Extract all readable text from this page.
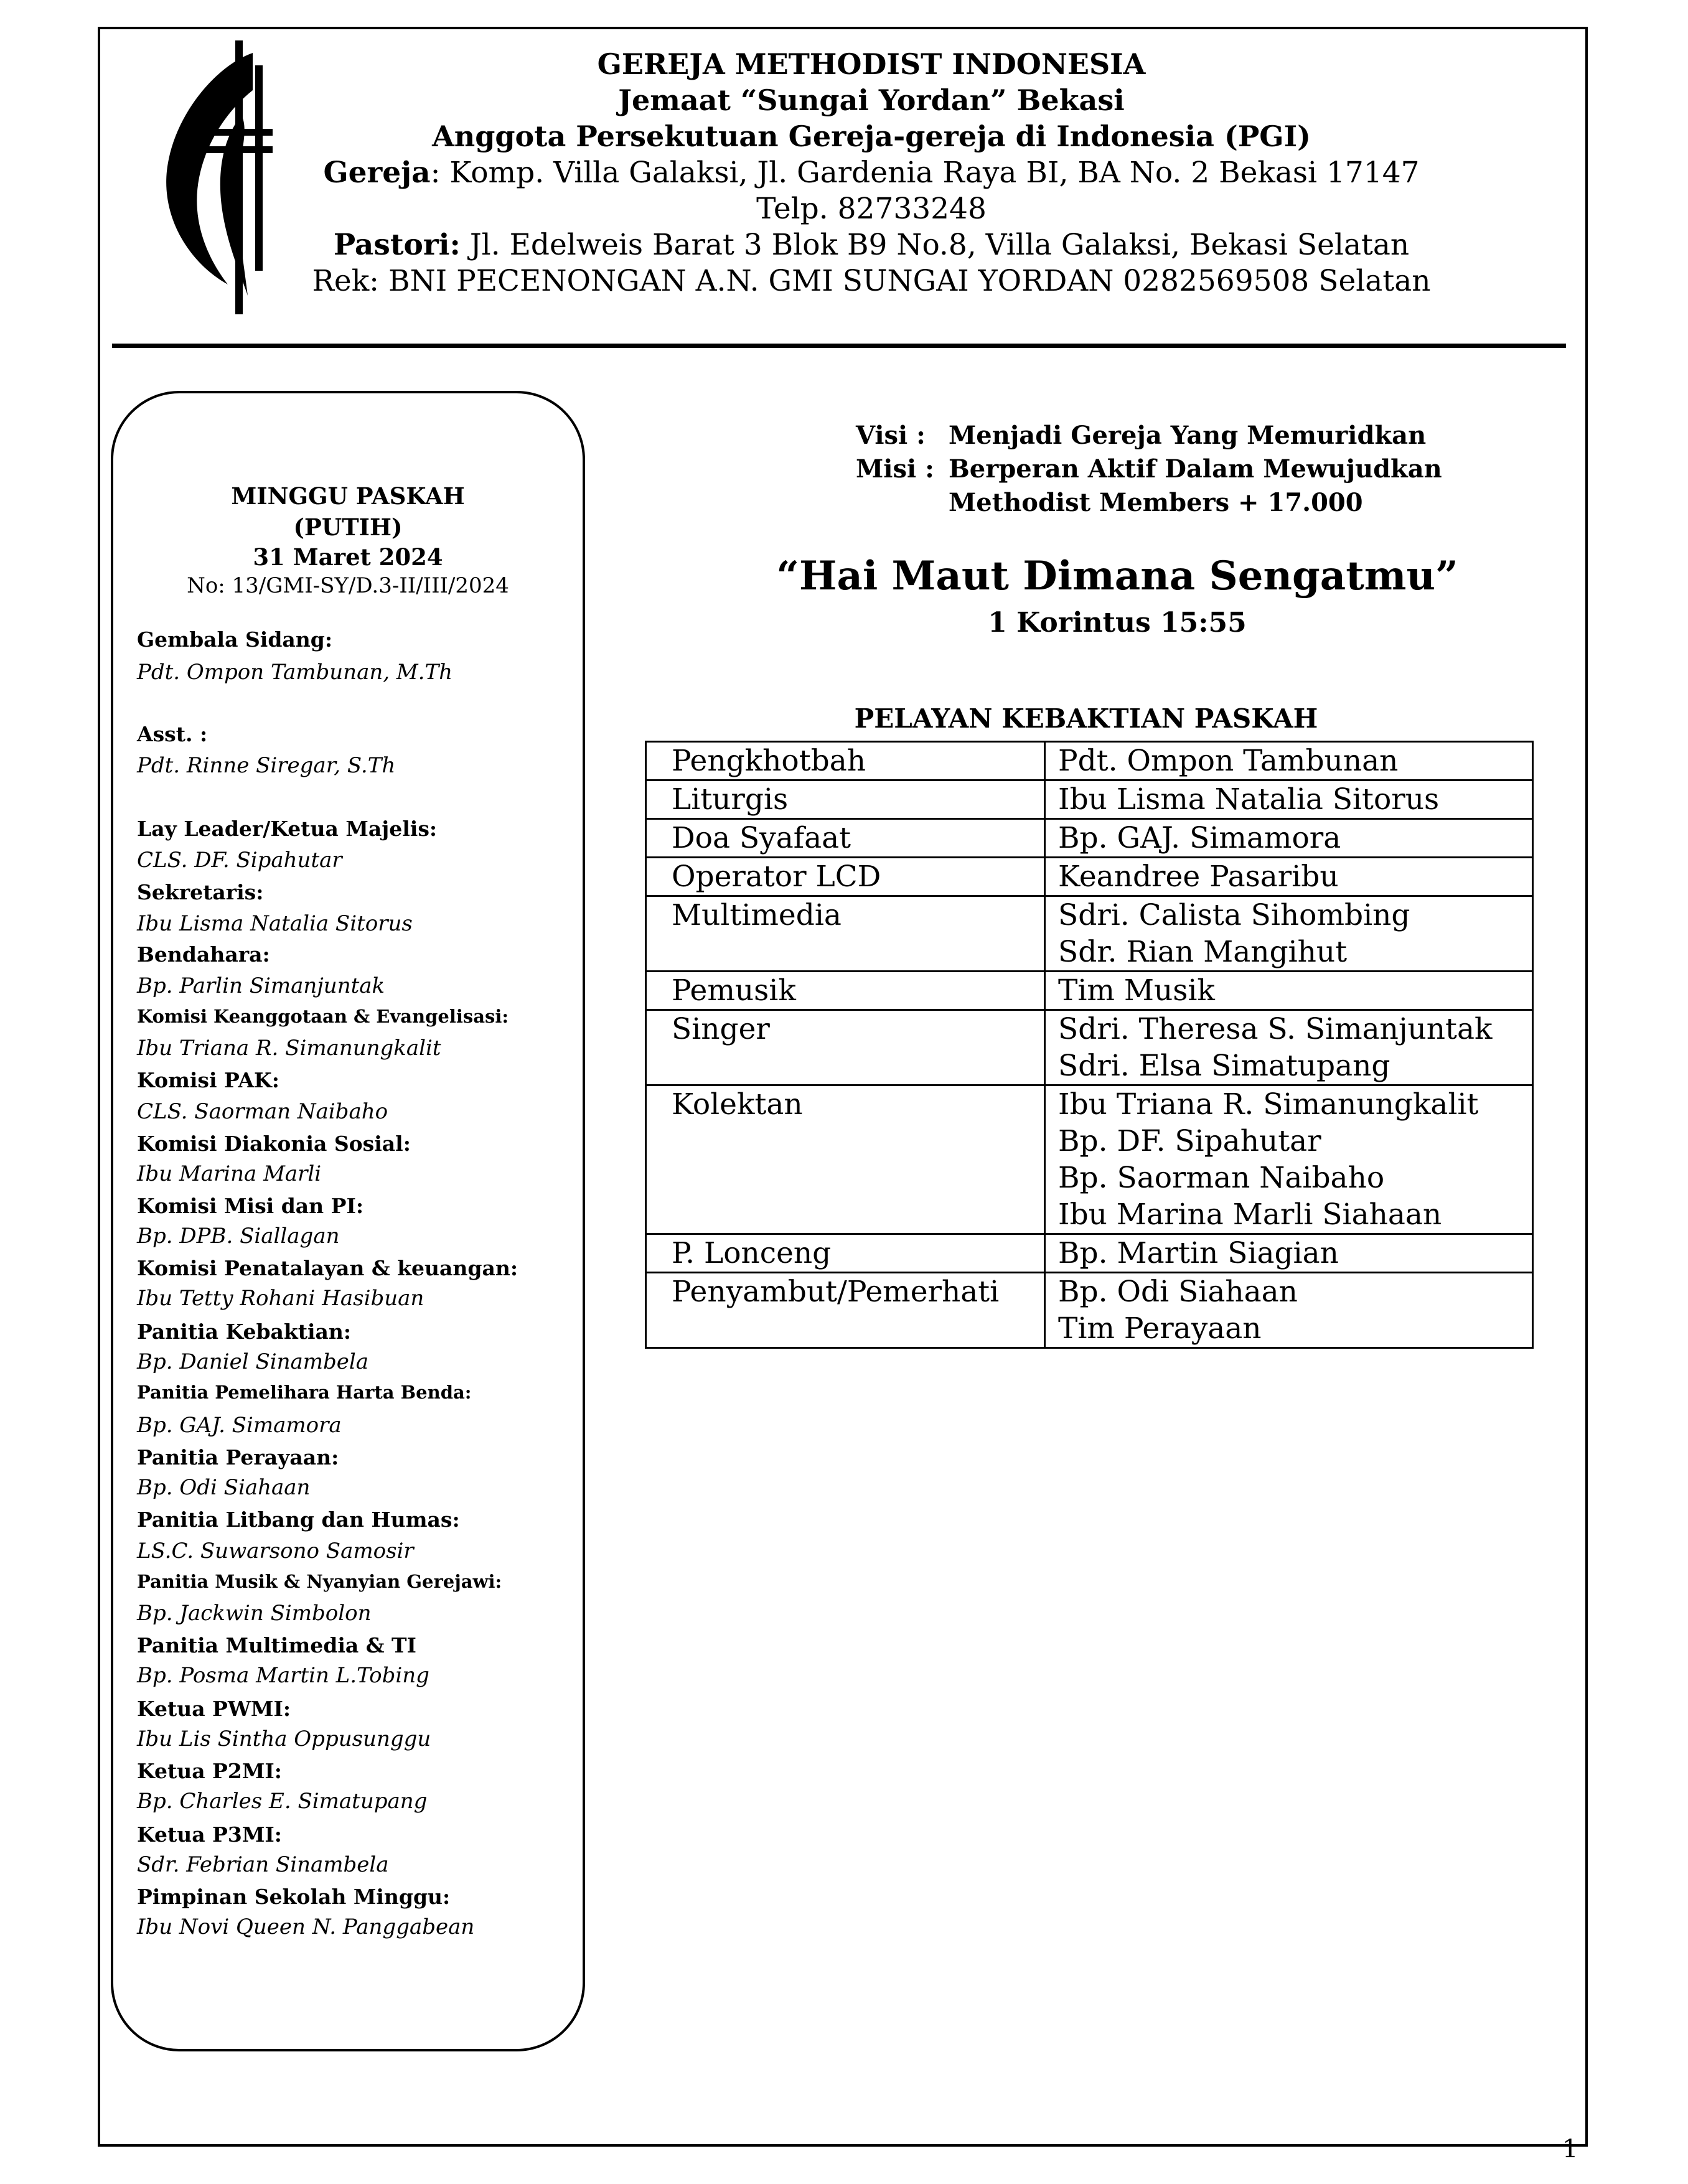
GEREJA METHODIST INDONESIA
Jemaat “Sungai Yordan” Bekasi
Anggota Persekutuan Gereja-gereja di Indonesia (PGI)
Gereja: Komp. Villa Galaksi, Jl. Gardenia Raya BI, BA No. 2 Bekasi 17147
Telp. 82733248
Pastori: Jl. Edelweis Barat 3 Blok B9 No.8, Villa Galaksi, Bekasi Selatan
Rek: BNI PECENONGAN A.N. GMI SUNGAI YORDAN 0282569508 Selatan
MINGGU PASKAH
(PUTIH)
31 Maret 2024
No: 13/GMI-SY/D.3-II/III/2024
Gembala Sidang:
Pdt. Ompon Tambunan, M.Th
Asst. :
Pdt. Rinne Siregar, S.Th
Lay Leader/Ketua Majelis:
CLS. DF. Sipahutar
Sekretaris:
Ibu Lisma Natalia Sitorus
Bendahara:
Bp. Parlin Simanjuntak
Komisi Keanggotaan & Evangelisasi:
Ibu Triana R. Simanungkalit
Komisi PAK:
CLS. Saorman Naibaho
Komisi Diakonia Sosial:
Ibu Marina Marli
Komisi Misi dan PI:
Bp. DPB. Siallagan
Komisi Penatalayan & keuangan:
Ibu Tetty Rohani Hasibuan
Panitia Kebaktian:
Bp. Daniel Sinambela
Panitia Pemelihara Harta Benda:
Bp. GAJ. Simamora
Panitia Perayaan:
Bp. Odi Siahaan
Panitia Litbang dan Humas:
LS.C. Suwarsono Samosir
Panitia Musik & Nyanyian Gerejawi:
Bp. Jackwin Simbolon
Panitia Multimedia & TI
Bp. Posma Martin L.Tobing
Ketua PWMI:
Ibu Lis Sintha Oppusunggu
Ketua P2MI:
Bp. Charles E. Simatupang
Ketua P3MI:
Sdr. Febrian Sinambela
Pimpinan Sekolah Minggu:
Ibu Novi Queen N. Panggabean
Visi : Menjadi Gereja Yang Memuridkan
Misi : Berperan Aktif Dalam Mewujudkan
Methodist Members + 17.000
“Hai Maut Dimana Sengatmu”
1 Korintus 15:55
PELAYAN KEBAKTIAN PASKAH
Pengkhotbah	Pdt. Ompon Tambunan

Liturgis	Ibu Lisma Natalia Sitorus

Doa Syafaat	Bp. GAJ. Simamora

Operator LCD	Keandree Pasaribu

Multimedia	Sdri. Calista Sihombing
Sdr. Rian Mangihut

Pemusik	Tim Musik

Singer	Sdri. Theresa S. Simanjuntak
Sdri. Elsa Simatupang

Kolektan	Ibu Triana R. Simanungkalit
Bp. DF. Sipahutar
Bp. Saorman Naibaho
Ibu Marina Marli Siahaan

P. Lonceng	Bp. Martin Siagian

Penyambut/Pemerhati	Bp. Odi Siahaan
Tim Perayaan
1
